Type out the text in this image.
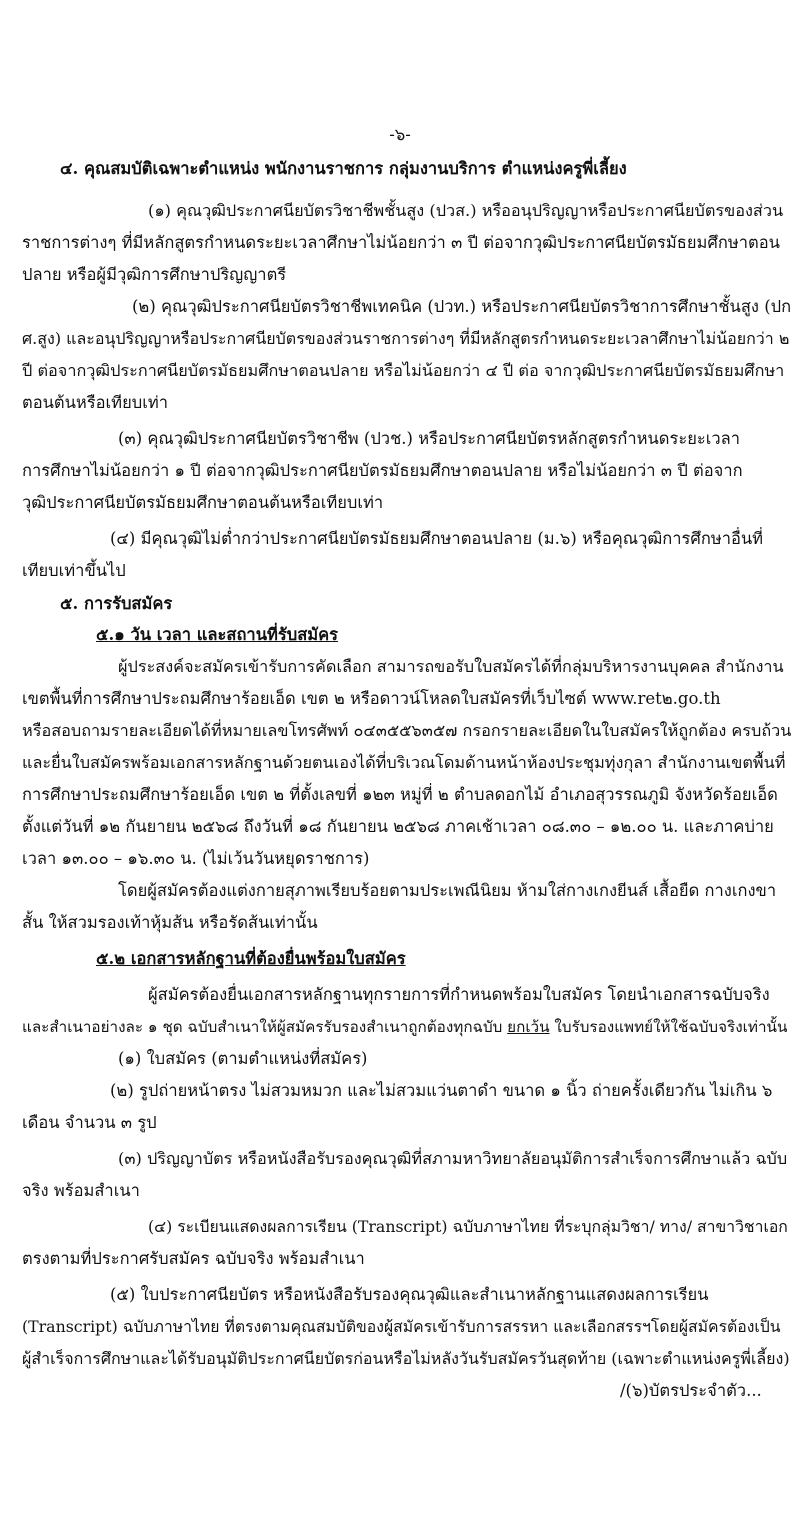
-๖-
๔. คุณสมบัติเฉพาะตำแหน่ง พนักงานราชการ กลุ่มงานบริการ ตำแหน่งครูพี่เลี้ยง
(๑) คุณวุฒิประกาศนียบัตรวิชาชีพชั้นสูง (ปวส.) หรืออนุปริญญาหรือประกาศนียบัตรของส่วน
ราชการต่างๆ ที่มีหลักสูตรกำหนดระยะเวลาศึกษาไม่น้อยกว่า ๓ ปี ต่อจากวุฒิประกาศนียบัตรมัธยมศึกษาตอน
ปลาย หรือผู้มีวุฒิการศึกษาปริญญาตรี
(๒) คุณวุฒิประกาศนียบัตรวิชาชีพเทคนิค (ปวท.) หรือประกาศนียบัตรวิชาการศึกษาชั้นสูง (ปก
ศ.สูง) และอนุปริญญาหรือประกาศนียบัตรของส่วนราชการต่างๆ ที่มีหลักสูตรกำหนดระยะเวลาศึกษาไม่น้อยกว่า ๒
ปี ต่อจากวุฒิประกาศนียบัตรมัธยมศึกษาตอนปลาย หรือไม่น้อยกว่า ๔ ปี ต่อ จากวุฒิประกาศนียบัตรมัธยมศึกษา
ตอนต้นหรือเทียบเท่า
(๓) คุณวุฒิประกาศนียบัตรวิชาชีพ (ปวช.) หรือประกาศนียบัตรหลักสูตรกำหนดระยะเวลา
การศึกษาไม่น้อยกว่า ๑ ปี ต่อจากวุฒิประกาศนียบัตรมัธยมศึกษาตอนปลาย หรือไม่น้อยกว่า ๓ ปี ต่อจาก
วุฒิประกาศนียบัตรมัธยมศึกษาตอนต้นหรือเทียบเท่า
(๔) มีคุณวุฒิไม่ต่ำกว่าประกาศนียบัตรมัธยมศึกษาตอนปลาย (ม.๖) หรือคุณวุฒิการศึกษาอื่นที่
เทียบเท่าขึ้นไป
๕. การรับสมัคร
๕.๑ วัน เวลา และสถานที่รับสมัคร
ผู้ประสงค์จะสมัครเข้ารับการคัดเลือก สามารถขอรับใบสมัครได้ที่กลุ่มบริหารงานบุคคล สำนักงาน
เขตพื้นที่การศึกษาประถมศึกษาร้อยเอ็ด เขต ๒ หรือดาวน์โหลดใบสมัครที่เว็บไซต์ www.ret๒.go.th
หรือสอบถามรายละเอียดได้ที่หมายเลขโทรศัพท์ ๐๔๓๕๕๖๓๕๗ กรอกรายละเอียดในใบสมัครให้ถูกต้อง ครบถ้วน
และยื่นใบสมัครพร้อมเอกสารหลักฐานด้วยตนเองได้ที่บริเวณโดมด้านหน้าห้องประชุมทุ่งกุลา สำนักงานเขตพื้นที่
การศึกษาประถมศึกษาร้อยเอ็ด เขต ๒ ที่ตั้งเลขที่ ๑๒๓ หมู่ที่ ๒ ตำบลดอกไม้ อำเภอสุวรรณภูมิ จังหวัดร้อยเอ็ด
ตั้งแต่วันที่ ๑๒ กันยายน ๒๕๖๘ ถึงวันที่ ๑๘ กันยายน ๒๕๖๘ ภาคเช้าเวลา ๐๘.๓๐ – ๑๒.๐๐ น. และภาคบ่าย
เวลา ๑๓.๐๐ – ๑๖.๓๐ น. (ไม่เว้นวันหยุดราชการ)
โดยผู้สมัครต้องแต่งกายสุภาพเรียบร้อยตามประเพณีนิยม ห้ามใส่กางเกงยีนส์ เสื้อยืด กางเกงขา
สั้น ให้สวมรองเท้าหุ้มส้น หรือรัดส้นเท่านั้น
๕.๒ เอกสารหลักฐานที่ต้องยื่นพร้อมใบสมัคร
ผู้สมัครต้องยื่นเอกสารหลักฐานทุกรายการที่กำหนดพร้อมใบสมัคร โดยนำเอกสารฉบับจริง
และสำเนาอย่างละ ๑ ชุด ฉบับสำเนาให้ผู้สมัครรับรองสำเนาถูกต้องทุกฉบับ ยกเว้น ใบรับรองแพทย์ให้ใช้ฉบับจริงเท่านั้น
(๑) ใบสมัคร (ตามตำแหน่งที่สมัคร)
(๒) รูปถ่ายหน้าตรง ไม่สวมหมวก และไม่สวมแว่นตาดำ ขนาด ๑ นิ้ว ถ่ายครั้งเดียวกัน ไม่เกิน ๖
เดือน จำนวน ๓ รูป
(๓) ปริญญาบัตร หรือหนังสือรับรองคุณวุฒิที่สภามหาวิทยาลัยอนุมัติการสำเร็จการศึกษาแล้ว ฉบับ
จริง พร้อมสำเนา
(๔) ระเบียนแสดงผลการเรียน (Transcript) ฉบับภาษาไทย ที่ระบุกลุ่มวิชา/ ทาง/ สาขาวิชาเอก
ตรงตามที่ประกาศรับสมัคร ฉบับจริง พร้อมสำเนา
(๕) ใบประกาศนียบัตร หรือหนังสือรับรองคุณวุฒิและสำเนาหลักฐานแสดงผลการเรียน
(Transcript) ฉบับภาษาไทย ที่ตรงตามคุณสมบัติของผู้สมัครเข้ารับการสรรหา และเลือกสรรฯโดยผู้สมัครต้องเป็น
ผู้สำเร็จการศึกษาและได้รับอนุมัติประกาศนียบัตรก่อนหรือไม่หลังวันรับสมัครวันสุดท้าย (เฉพาะตำแหน่งครูพี่เลี้ยง)
/(๖)บัตรประจำตัว...
